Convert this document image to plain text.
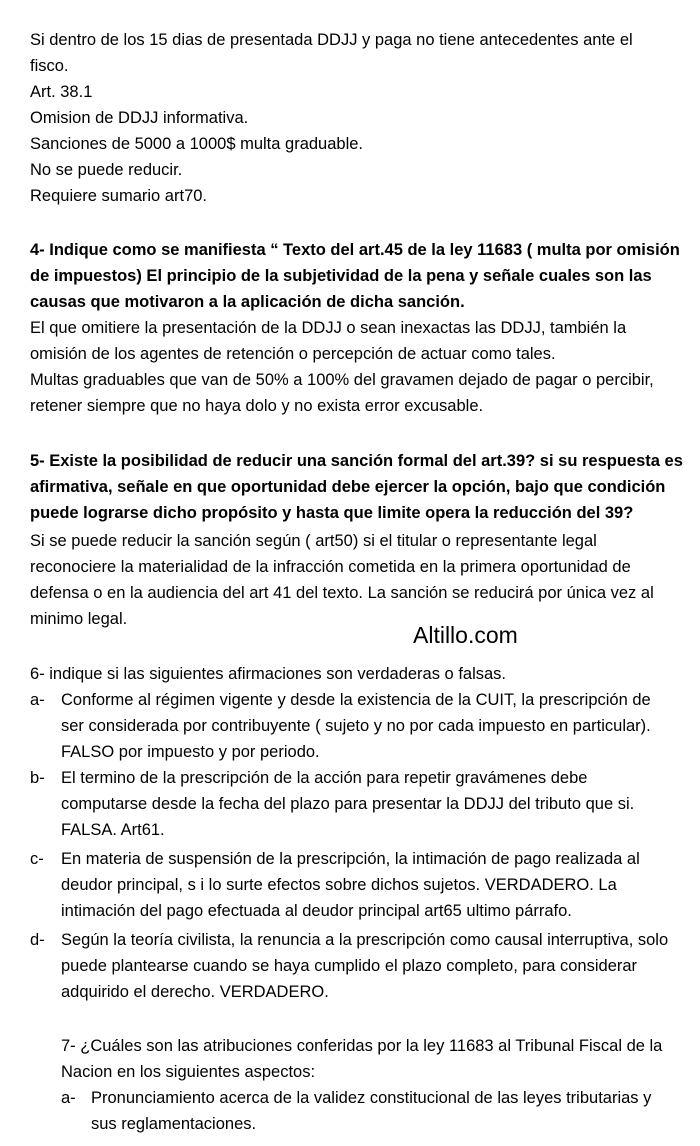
Si dentro de los 15 dias de presentada DDJJ y paga no tiene antecedentes ante el
fisco.
Art. 38.1
Omision de DDJJ informativa.
Sanciones de 5000 a 1000$ multa graduable.
No se puede reducir.
Requiere sumario art70.
4- Indique como se manifiesta “ Texto del art.45 de la ley 11683 ( multa por omisión
de impuestos) El principio de la subjetividad de la pena y señale cuales son las
causas que motivaron a la aplicación de dicha sanción.
El que omitiere la presentación de la DDJJ o sean inexactas las DDJJ, también la
omisión de los agentes de retención o percepción de actuar como tales.
Multas graduables que van de 50% a 100% del gravamen dejado de pagar o percibir,
retener siempre que no haya dolo y no exista error excusable.
5- Existe la posibilidad de reducir una sanción formal del art.39? si su respuesta es
afirmativa, señale en que oportunidad debe ejercer la opción, bajo que condición
puede lograrse dicho propósito y hasta que limite opera la reducción del 39?
Si se puede reducir la sanción según ( art50) si el titular o representante legal
reconociere la materialidad de la infracción cometida en la primera oportunidad de
defensa o en la audiencia del art 41 del texto. La sanción se reducirá por única vez al
minimo legal.
Altillo.com
6- indique si las siguientes afirmaciones son verdaderas o falsas.
a- Conforme al régimen vigente y desde la existencia de la CUIT, la prescripción de
ser considerada por contribuyente ( sujeto y no por cada impuesto en particular).
FALSO por impuesto y por periodo.
b- El termino de la prescripción de la acción para repetir gravámenes debe
computarse desde la fecha del plazo para presentar la DDJJ del tributo que si.
FALSA. Art61.
c- En materia de suspensión de la prescripción, la intimación de pago realizada al
deudor principal, s i lo surte efectos sobre dichos sujetos. VERDADERO. La
intimación del pago efectuada al deudor principal art65 ultimo párrafo.
d- Según la teoría civilista, la renuncia a la prescripción como causal interruptiva, solo
puede plantearse cuando se haya cumplido el plazo completo, para considerar
adquirido el derecho. VERDADERO.
7- ¿Cuáles son las atribuciones conferidas por la ley 11683 al Tribunal Fiscal de la
Nacion en los siguientes aspectos:
a- Pronunciamiento acerca de la validez constitucional de las leyes tributarias y
sus reglamentaciones.
